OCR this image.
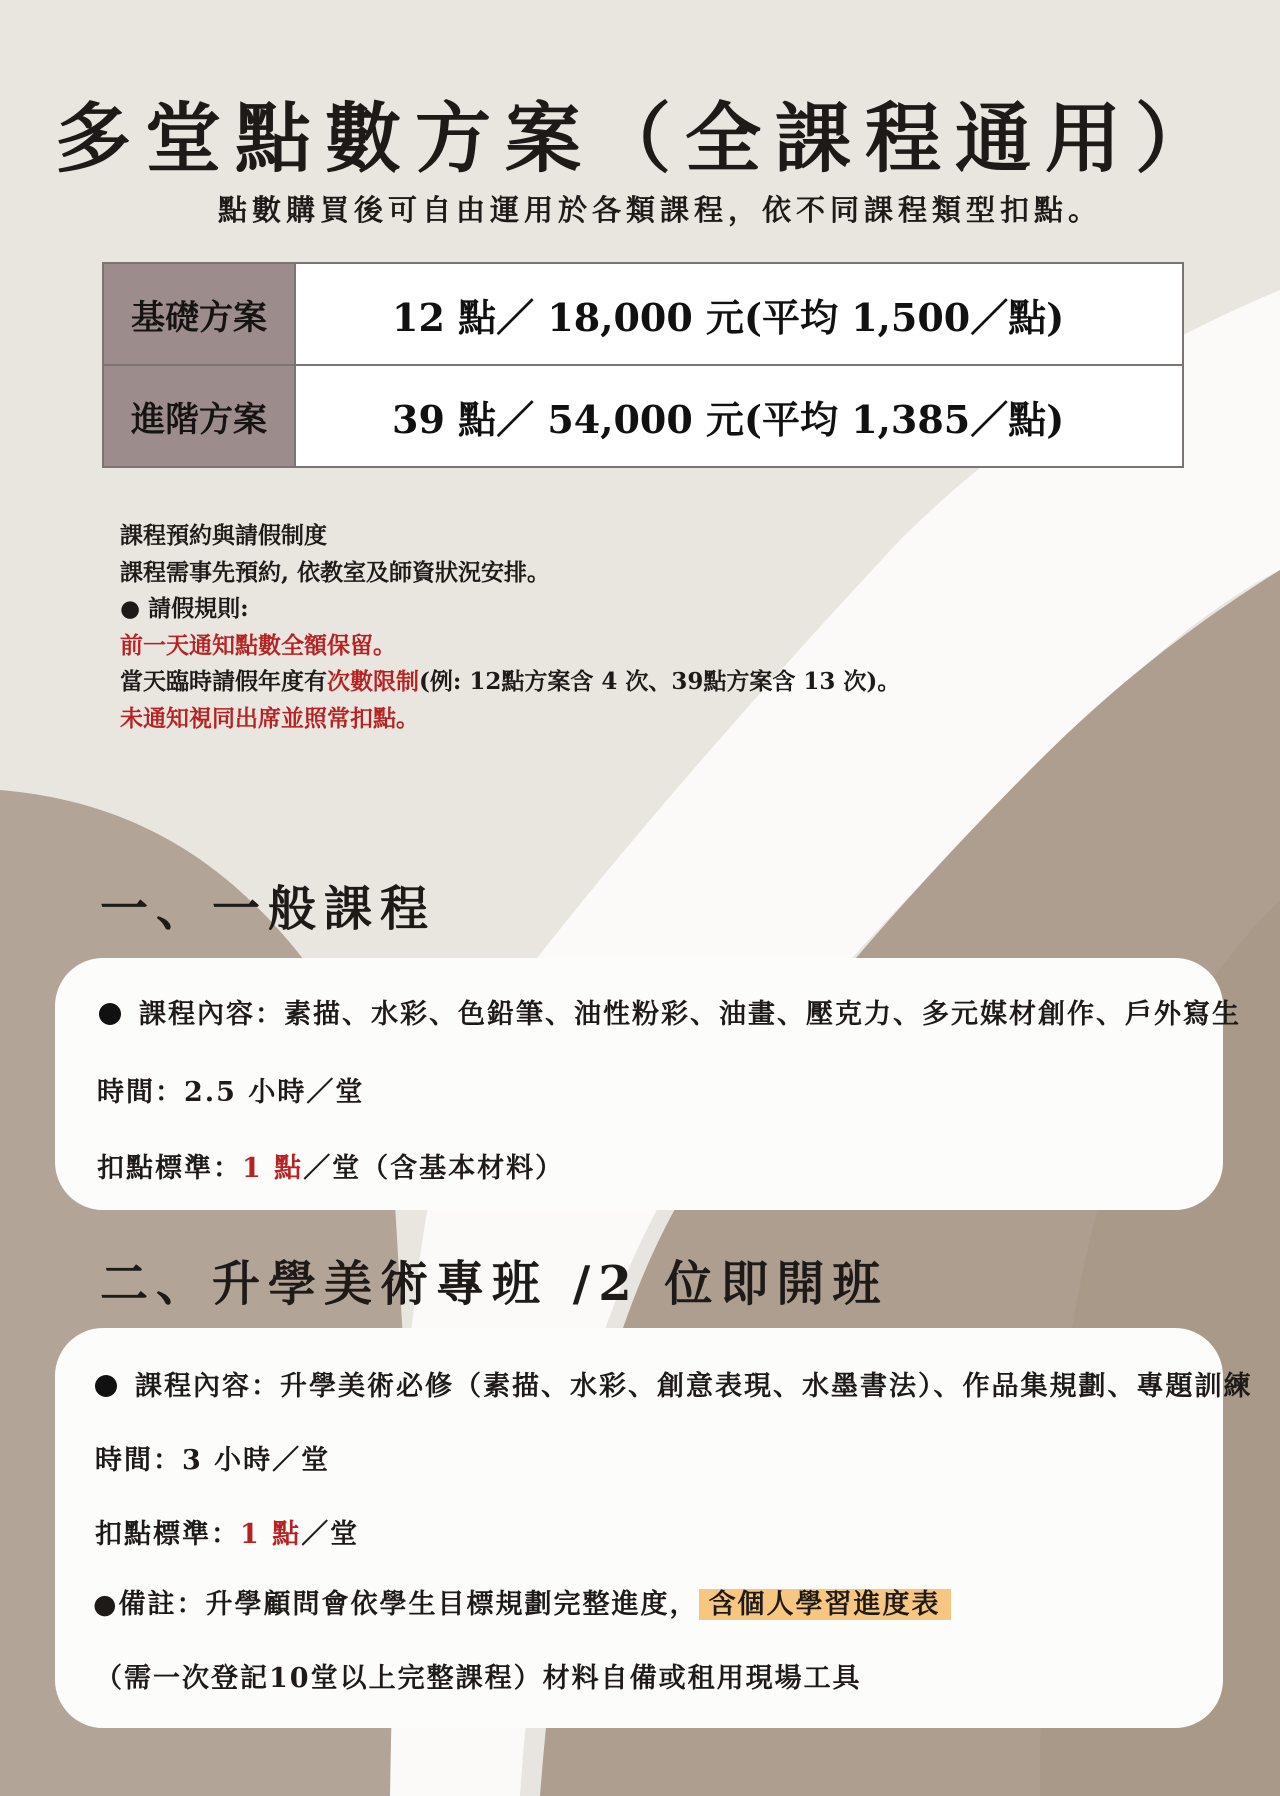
多堂點數方案（全課程通用）

點數購買後可自由運用於各類課程，依不同課程類型扣點。

基礎方案	12 點／ 18,000 元(平均 1,500／點)
進階方案	39 點／ 54,000 元(平均 1,385／點)
課程預約與請假制度
課程需事先預約, 依教室及師資狀況安排。
● 請假規則:
前一天通知點數全額保留。
當天臨時請假年度有次數限制(例: 12點方案含 4 次、39點方案含 13 次)。
未通知視同出席並照常扣點。
一、一般課程
課程內容：素描、水彩、色鉛筆、油性粉彩、油畫、壓克力、多元媒材創作、戶外寫生
時間：2.5 小時／堂
扣點標準：1 點／堂（含基本材料）
二、升學美術專班 /2 位即開班
課程內容：升學美術必修（素描、水彩、創意表現、水墨書法）、作品集規劃、專題訓練
時間：3 小時／堂
扣點標準：1 點／堂
●備註：升學顧問會依學生目標規劃完整進度， 含個人學習進度表
（需一次登記10堂以上完整課程）材料自備或租用現場工具
